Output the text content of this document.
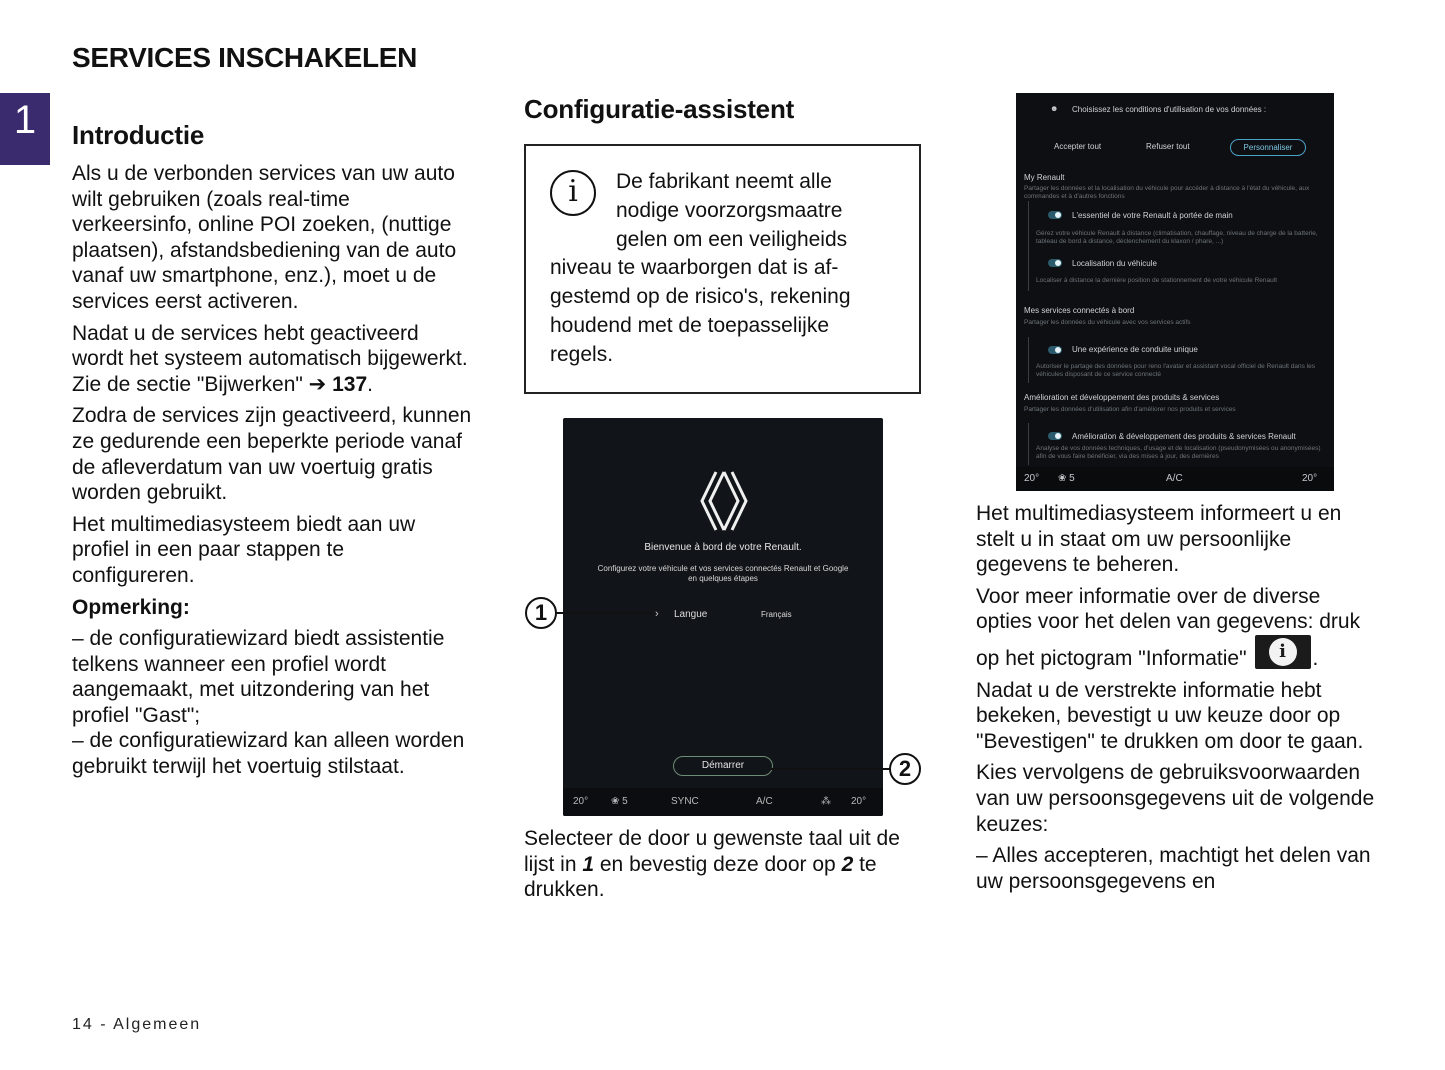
SERVICES INSCHAKELEN
1	Introductie

Als u de verbonden services van uw auto wilt gebruiken (zoals real-time verkeersinfo, online POI zoeken, (nuttige plaatsen), afstandsbediening van de auto vanaf uw smartphone, enz.), moet u de services eerst activeren.

Nadat u de services hebt geactiveerd wordt het systeem automatisch bijgewerkt. Zie de sectie "Bijwerken" ➔ 137.

Zodra de services zijn geactiveerd, kunnen ze gedurende een beperkte periode vanaf de afleverdatum van uw voertuig gratis worden gebruikt.

Het multimediasysteem biedt aan uw profiel in een paar stappen te configureren.

Opmerking:

– de configuratiewizard biedt assistentie telkens wanneer een profiel wordt aangemaakt, met uitzondering van het profiel "Gast";
– de configuratiewizard kan alleen worden gebruikt terwijl het voertuig stilstaat.
Configuratie-assistent
i	De fabrikant neemt alle
nodige voorzorgsmaatre
gelen om een veiligheids
niveau te waarborgen dat is afgestemd op de risico's, rekening houdend met de toepasselijke regels.
Bienvenue à bord de votre Renault.
Configurez votre véhicule et vos services connectés Renault et Google en quelques étapes
› Langue	Français
Démarrer
20° ❀ 5	SYNC	A/C	⁂ 20°
1
2
Selecteer de door u gewenste taal uit de lijst in 1 en bevestig deze door op 2 te drukken.
☻ Choisissez les conditions d'utilisation de vos données :
Accepter tout	Refuser tout	Personnaliser
My Renault
Partager les données et la localisation du véhicule pour accéder à distance à l'état du véhicule, aux commandes et à d'autres fonctions
L'essentiel de votre Renault à portée de main
Gérez votre véhicule Renault à distance (climatisation, chauffage, niveau de charge de la batterie, tableau de bord à distance, déclenchement du klaxon / phare, ...)
Localisation du véhicule
Localiser à distance la dernière position de stationnement de votre véhicule Renault
Mes services connectés à bord
Partager les données du véhicule avec vos services actifs
Une expérience de conduite unique
Autoriser le partage des données pour reno l'avatar et assistant vocal officiel de Renault dans les véhicules disposant de ce service connecté
Amélioration et développement des produits & services
Partager les données d'utilisation afin d'améliorer nos produits et services
Amélioration & développement des produits & services Renault
Analyse de vos données techniques, d'usage et de localisation (pseudonymisées ou anonymisées) afin de vous faire bénéficier, via des mises à jour, des dernières
20° ❀ 5	A/C	20°

Het multimediasysteem informeert u en stelt u in staat om uw persoonlijke gegevens te beheren.

Voor meer informatie over de diverse opties voor het delen van gegevens: druk op het pictogram "Informatie"	i	.

Nadat u de verstrekte informatie hebt bekeken, bevestigt u uw keuze door op "Bevestigen" te drukken om door te gaan.

Kies vervolgens de gebruiksvoorwaarden van uw persoonsgegevens uit de volgende keuzes:

– Alles accepteren, machtigt het delen van uw persoonsgegevens en

14 - Algemeen
